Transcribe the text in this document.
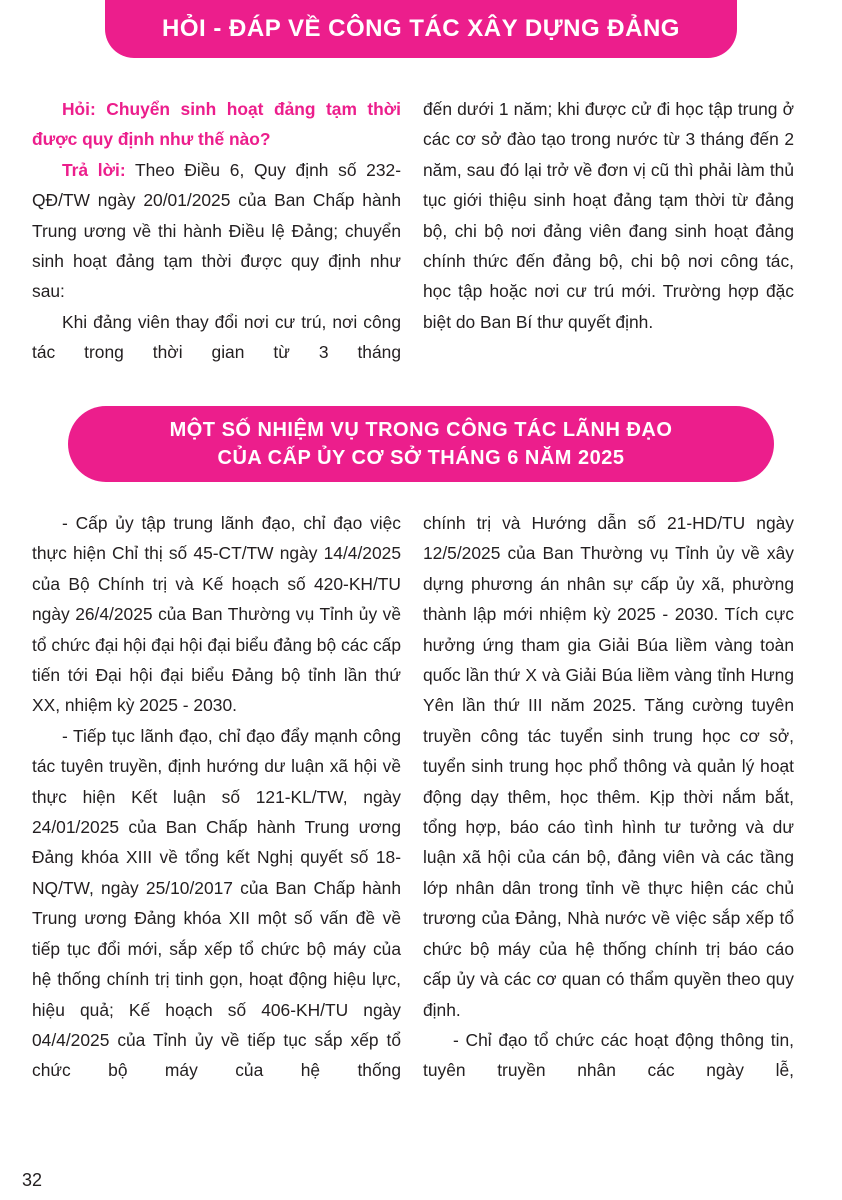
HỎI - ĐÁP VỀ CÔNG TÁC XÂY DỰNG ĐẢNG

Hỏi: Chuyển sinh hoạt đảng tạm thời được quy định như thế nào?

Trả lời: Theo Điều 6, Quy định số 232-QĐ/TW ngày 20/01/2025 của Ban Chấp hành Trung ương về thi hành Điều lệ Đảng; chuyển sinh hoạt đảng tạm thời được quy định như sau:

Khi đảng viên thay đổi nơi cư trú, nơi công tác trong thời gian từ 3 tháng

đến dưới 1 năm; khi được cử đi học tập trung ở các cơ sở đào tạo trong nước từ 3 tháng đến 2 năm, sau đó lại trở về đơn vị cũ thì phải làm thủ tục giới thiệu sinh hoạt đảng tạm thời từ đảng bộ, chi bộ nơi đảng viên đang sinh hoạt đảng chính thức đến đảng bộ, chi bộ nơi công tác, học tập hoặc nơi cư trú mới. Trường hợp đặc biệt do Ban Bí thư quyết định.

MỘT SỐ NHIỆM VỤ TRONG CÔNG TÁC LÃNH ĐẠO
CỦA CẤP ỦY CƠ SỞ THÁNG 6 NĂM 2025

- Cấp ủy tập trung lãnh đạo, chỉ đạo việc thực hiện Chỉ thị số 45-CT/TW ngày 14/4/2025 của Bộ Chính trị và Kế hoạch số 420-KH/TU ngày 26/4/2025 của Ban Thường vụ Tỉnh ủy về tổ chức đại hội đại hội đại biểu đảng bộ các cấp tiến tới Đại hội đại biểu Đảng bộ tỉnh lần thứ XX, nhiệm kỳ 2025 - 2030.

- Tiếp tục lãnh đạo, chỉ đạo đẩy mạnh công tác tuyên truyền, định hướng dư luận xã hội về thực hiện Kết luận số 121-KL/TW, ngày 24/01/2025 của Ban Chấp hành Trung ương Đảng khóa XIII về tổng kết Nghị quyết số 18-NQ/TW, ngày 25/10/2017 của Ban Chấp hành Trung ương Đảng khóa XII một số vấn đề về tiếp tục đổi mới, sắp xếp tổ chức bộ máy của hệ thống chính trị tinh gọn, hoạt động hiệu lực, hiệu quả; Kế hoạch số 406-KH/TU ngày 04/4/2025 của Tỉnh ủy về tiếp tục sắp xếp tổ chức bộ máy của hệ thống

chính trị và Hướng dẫn số 21-HD/TU ngày 12/5/2025 của Ban Thường vụ Tỉnh ủy về xây dựng phương án nhân sự cấp ủy xã, phường thành lập mới nhiệm kỳ 2025 - 2030. Tích cực hưởng ứng tham gia Giải Búa liềm vàng toàn quốc lần thứ X và Giải Búa liềm vàng tỉnh Hưng Yên lần thứ III năm 2025. Tăng cường tuyên truyền công tác tuyển sinh trung học cơ sở, tuyển sinh trung học phổ thông và quản lý hoạt động dạy thêm, học thêm. Kịp thời nắm bắt, tổng hợp, báo cáo tình hình tư tưởng và dư luận xã hội của cán bộ, đảng viên và các tầng lớp nhân dân trong tỉnh về thực hiện các chủ trương của Đảng, Nhà nước về việc sắp xếp tổ chức bộ máy của hệ thống chính trị báo cáo cấp ủy và các cơ quan có thẩm quyền theo quy định.

- Chỉ đạo tổ chức các hoạt động thông tin, tuyên truyền nhân các ngày lễ,

32
